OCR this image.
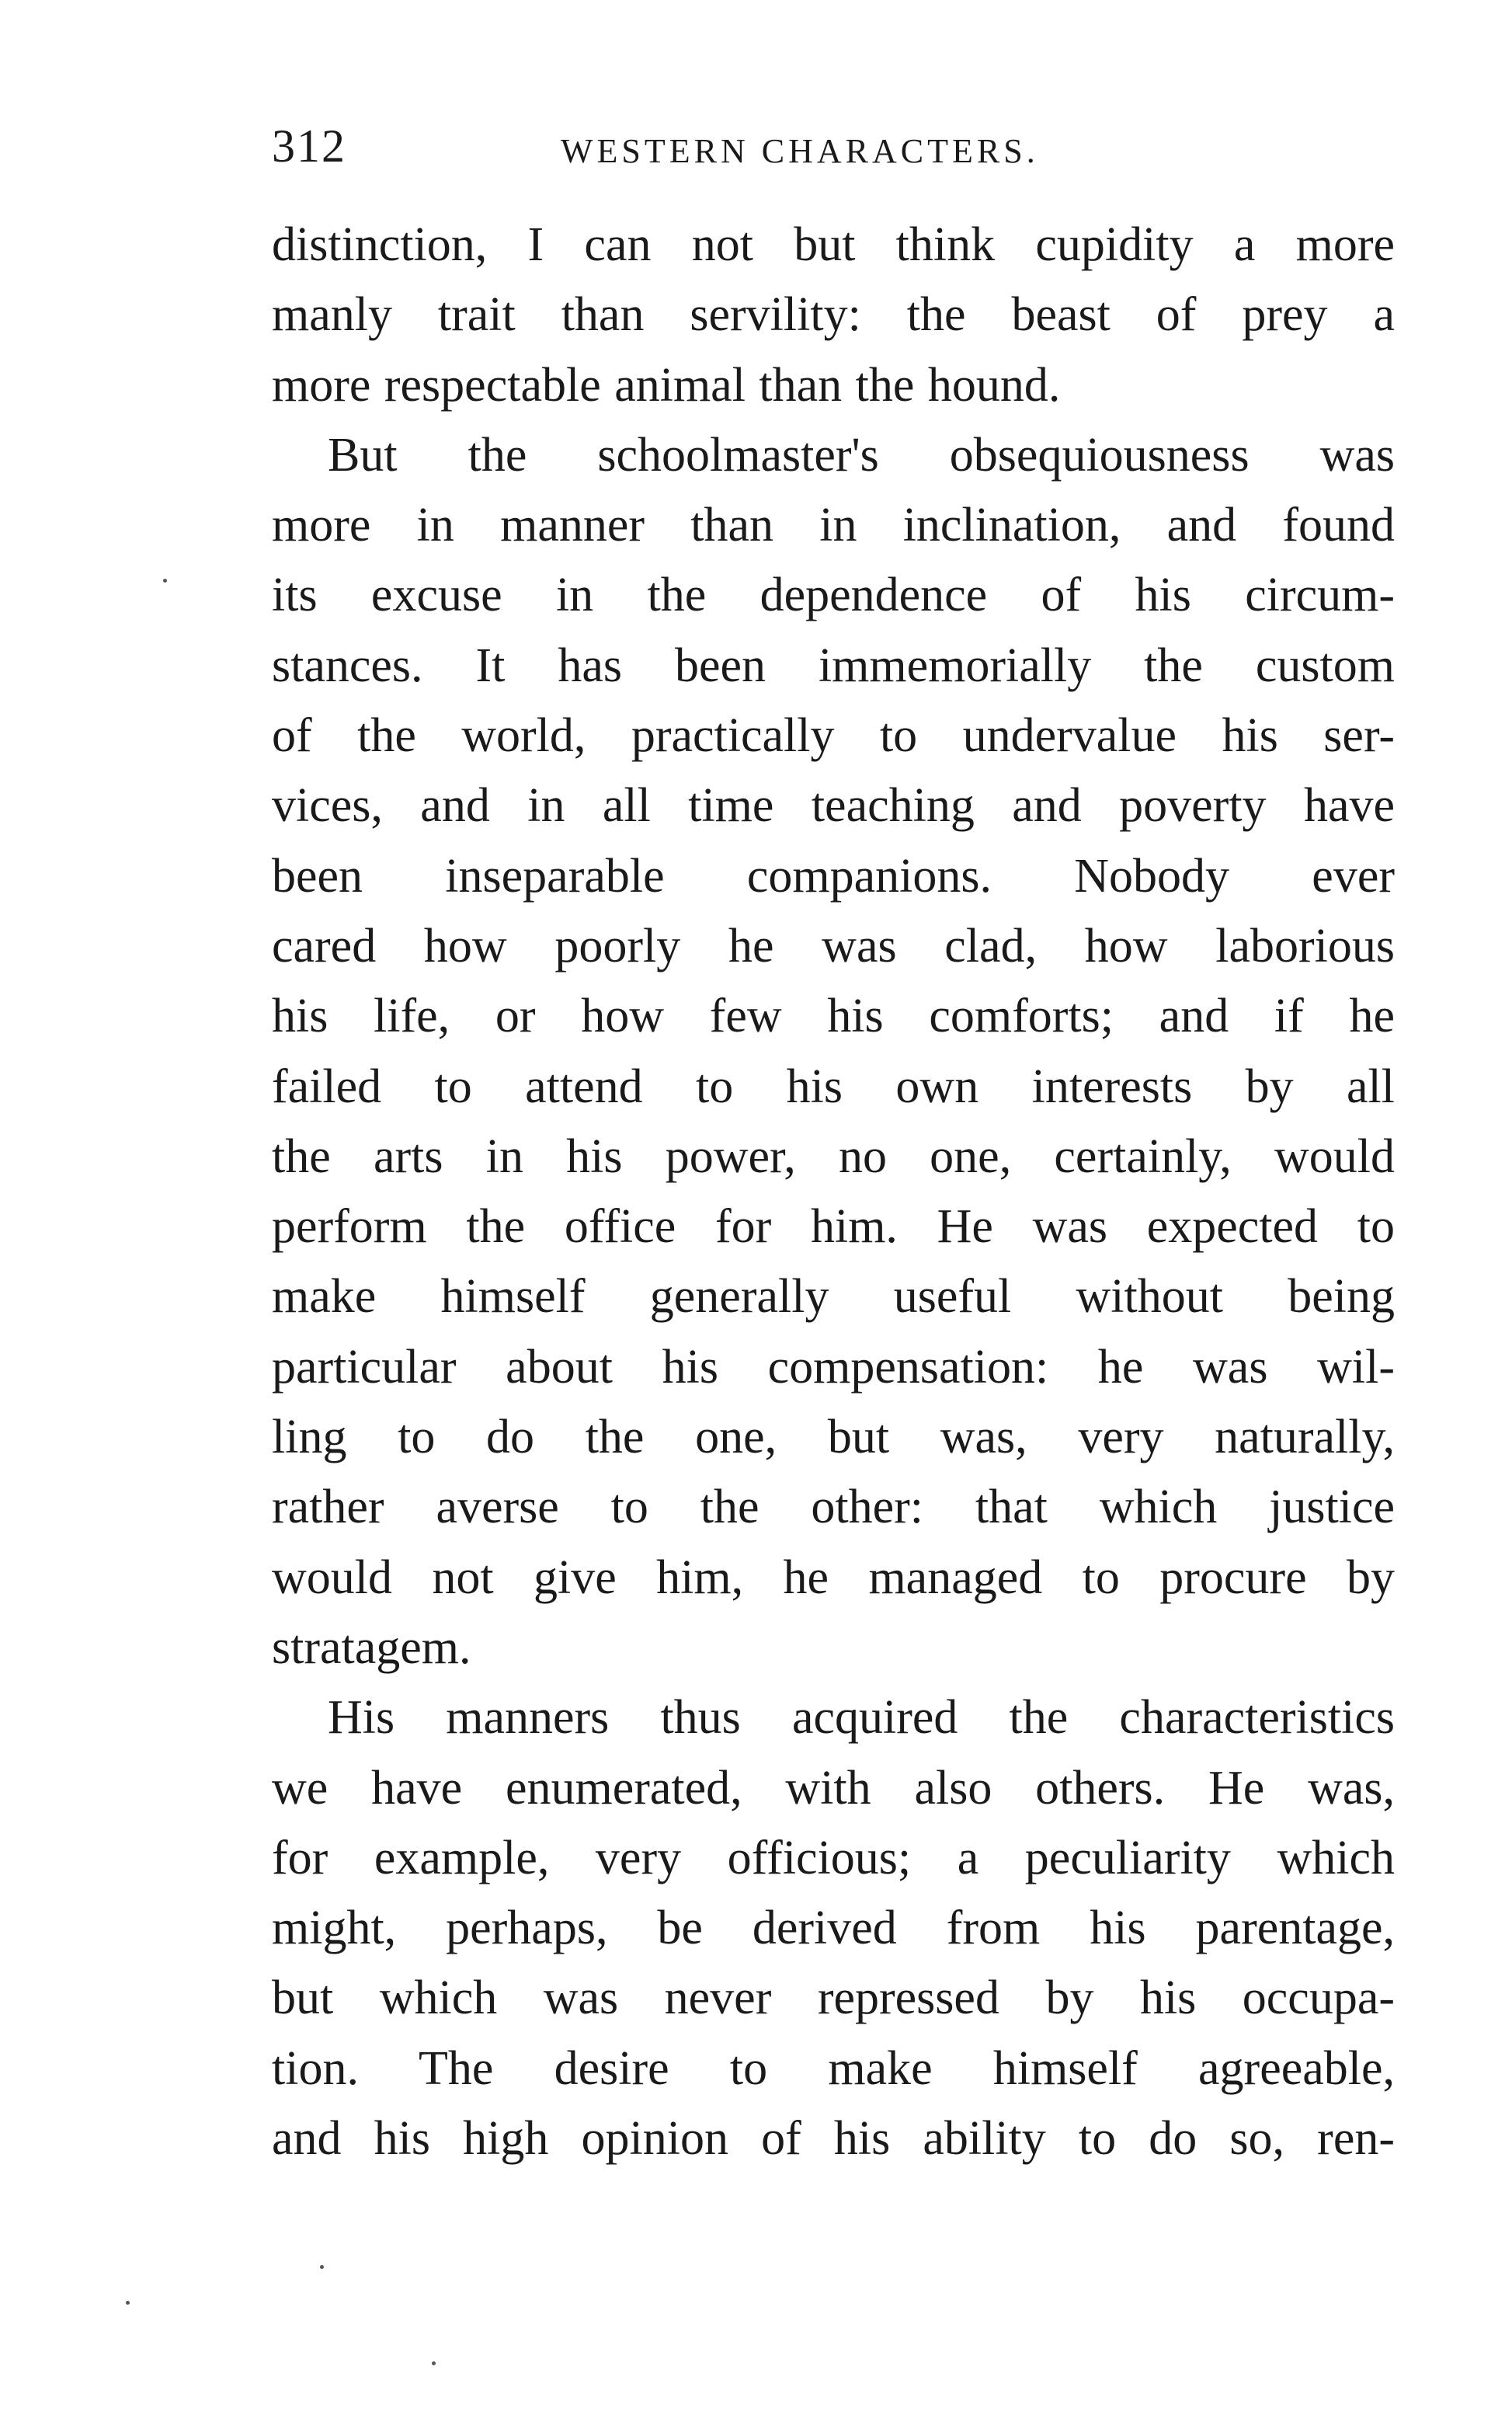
312	WESTERN CHARACTERS.
distinction, I can not but think cupidity a more
manly trait than servility: the beast of prey a
more respectable animal than the hound.
But the schoolmaster's obsequiousness was
more in manner than in inclination, and found
its excuse in the dependence of his circum-
stances. It has been immemorially the custom
of the world, practically to undervalue his ser-
vices, and in all time teaching and poverty have
been inseparable companions. Nobody ever
cared how poorly he was clad, how laborious
his life, or how few his comforts; and if he
failed to attend to his own interests by all
the arts in his power, no one, certainly, would
perform the office for him. He was expected to
make himself generally useful without being
particular about his compensation: he was wil-
ling to do the one, but was, very naturally,
rather averse to the other: that which justice
would not give him, he managed to procure by
stratagem.
His manners thus acquired the characteristics
we have enumerated, with also others. He was,
for example, very officious; a peculiarity which
might, perhaps, be derived from his parentage,
but which was never repressed by his occupa-
tion. The desire to make himself agreeable,
and his high opinion of his ability to do so, ren-
